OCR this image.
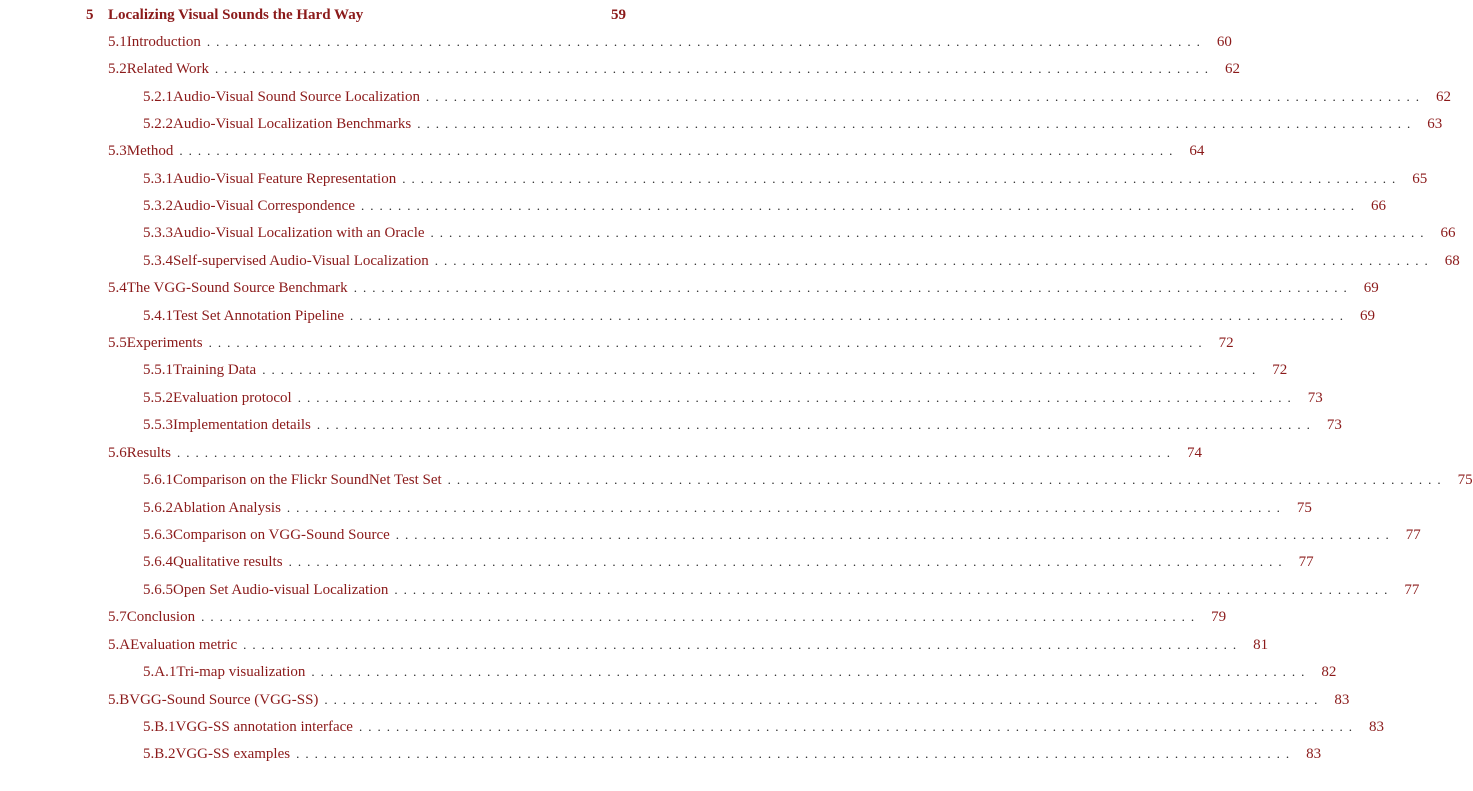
5 Localizing Visual Sounds the Hard Way	59
5.1 Introduction ............................................................................................................ 60
5.2 Related Work ............................................................................................................ 62
5.2.1 Audio-Visual Sound Source Localization ............................................................................................................ 62
5.2.2 Audio-Visual Localization Benchmarks ............................................................................................................ 63
5.3 Method ............................................................................................................ 64
5.3.1 Audio-Visual Feature Representation ............................................................................................................ 65
5.3.2 Audio-Visual Correspondence ............................................................................................................ 66
5.3.3 Audio-Visual Localization with an Oracle ............................................................................................................ 66
5.3.4 Self-supervised Audio-Visual Localization ............................................................................................................ 68
5.4 The VGG-Sound Source Benchmark ............................................................................................................ 69
5.4.1 Test Set Annotation Pipeline ............................................................................................................ 69
5.5 Experiments ............................................................................................................ 72
5.5.1 Training Data ............................................................................................................ 72
5.5.2 Evaluation protocol ............................................................................................................ 73
5.5.3 Implementation details ............................................................................................................ 73
5.6 Results ............................................................................................................ 74
5.6.1 Comparison on the Flickr SoundNet Test Set ............................................................................................................ 75
5.6.2 Ablation Analysis ............................................................................................................ 75
5.6.3 Comparison on VGG-Sound Source ............................................................................................................ 77
5.6.4 Qualitative results ............................................................................................................ 77
5.6.5 Open Set Audio-visual Localization ............................................................................................................ 77
5.7 Conclusion ............................................................................................................ 79
5.A Evaluation metric ............................................................................................................ 81
5.A.1 Tri-map visualization ............................................................................................................ 82
5.B VGG-Sound Source (VGG-SS) ............................................................................................................ 83
5.B.1 VGG-SS annotation interface ............................................................................................................ 83
5.B.2 VGG-SS examples ............................................................................................................ 83
